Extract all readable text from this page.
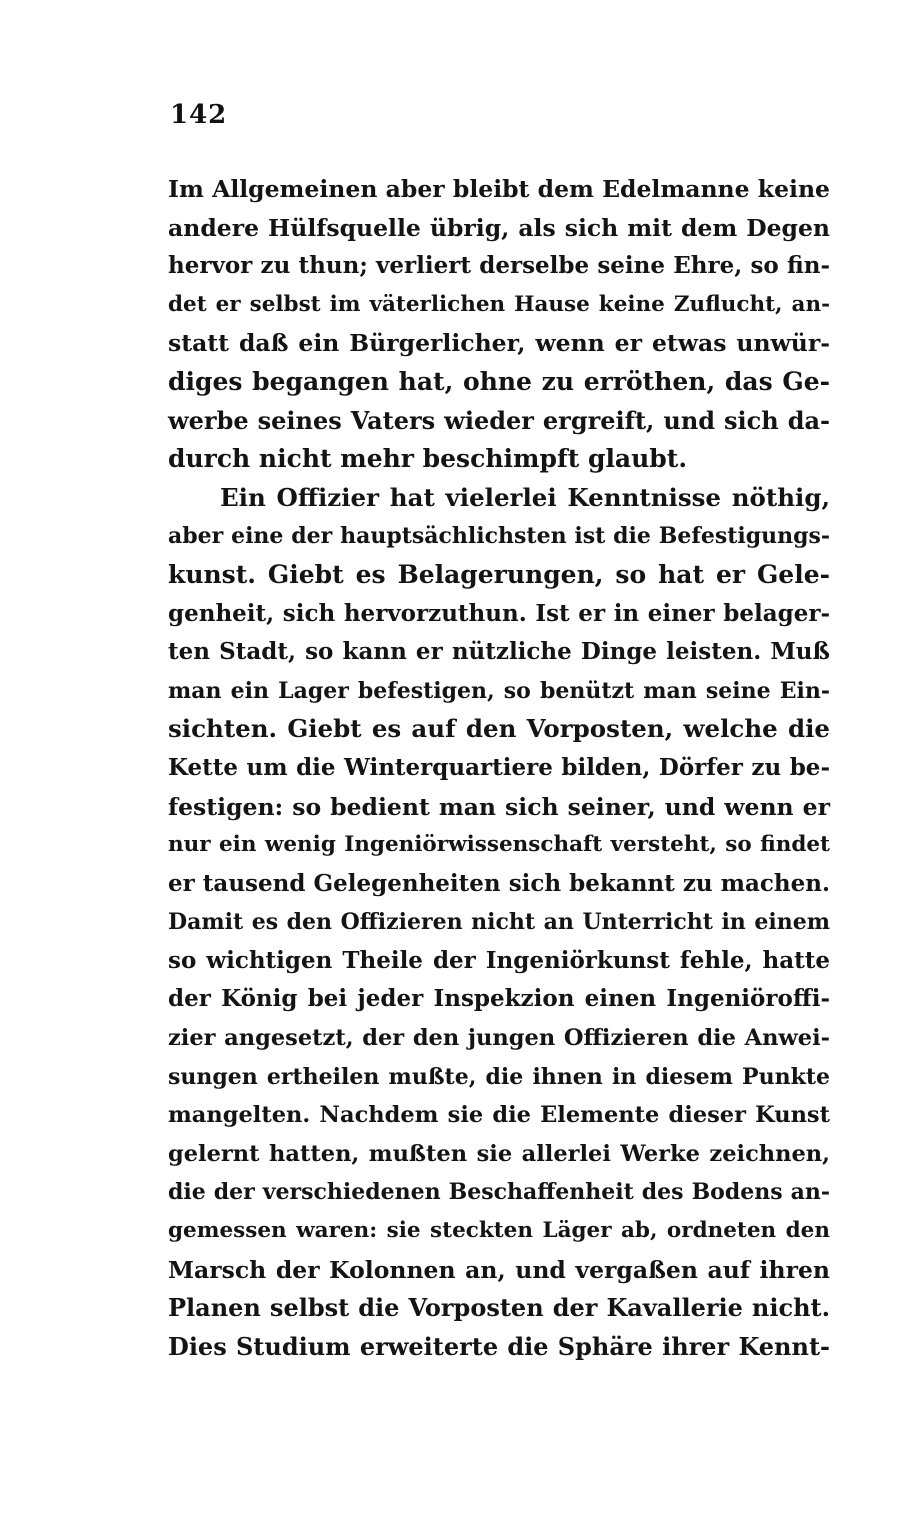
142
Im Allgemeinen aber bleibt dem Edelmanne keine
andere Hülfsquelle übrig, als sich mit dem Degen
hervor zu thun; verliert derselbe seine Ehre, so fin-
det er selbst im väterlichen Hause keine Zuflucht, an-
statt daß ein Bürgerlicher, wenn er etwas unwür-
diges begangen hat, ohne zu erröthen, das Ge-
werbe seines Vaters wieder ergreift, und sich da-
durch nicht mehr beschimpft glaubt.
Ein Offizier hat vielerlei Kenntnisse nöthig,
aber eine der hauptsächlichsten ist die Befestigungs-
kunst. Giebt es Belagerungen, so hat er Gele-
genheit, sich hervorzuthun. Ist er in einer belager-
ten Stadt, so kann er nützliche Dinge leisten. Muß
man ein Lager befestigen, so benützt man seine Ein-
sichten. Giebt es auf den Vorposten, welche die
Kette um die Winterquartiere bilden, Dörfer zu be-
festigen: so bedient man sich seiner, und wenn er
nur ein wenig Ingeniörwissenschaft versteht, so findet
er tausend Gelegenheiten sich bekannt zu machen.
Damit es den Offizieren nicht an Unterricht in einem
so wichtigen Theile der Ingeniörkunst fehle, hatte
der König bei jeder Inspekzion einen Ingeniöroffi-
zier angesetzt, der den jungen Offizieren die Anwei-
sungen ertheilen mußte, die ihnen in diesem Punkte
mangelten. Nachdem sie die Elemente dieser Kunst
gelernt hatten, mußten sie allerlei Werke zeichnen,
die der verschiedenen Beschaffenheit des Bodens an-
gemessen waren: sie steckten Läger ab, ordneten den
Marsch der Kolonnen an, und vergaßen auf ihren
Planen selbst die Vorposten der Kavallerie nicht.
Dies Studium erweiterte die Sphäre ihrer Kennt-
